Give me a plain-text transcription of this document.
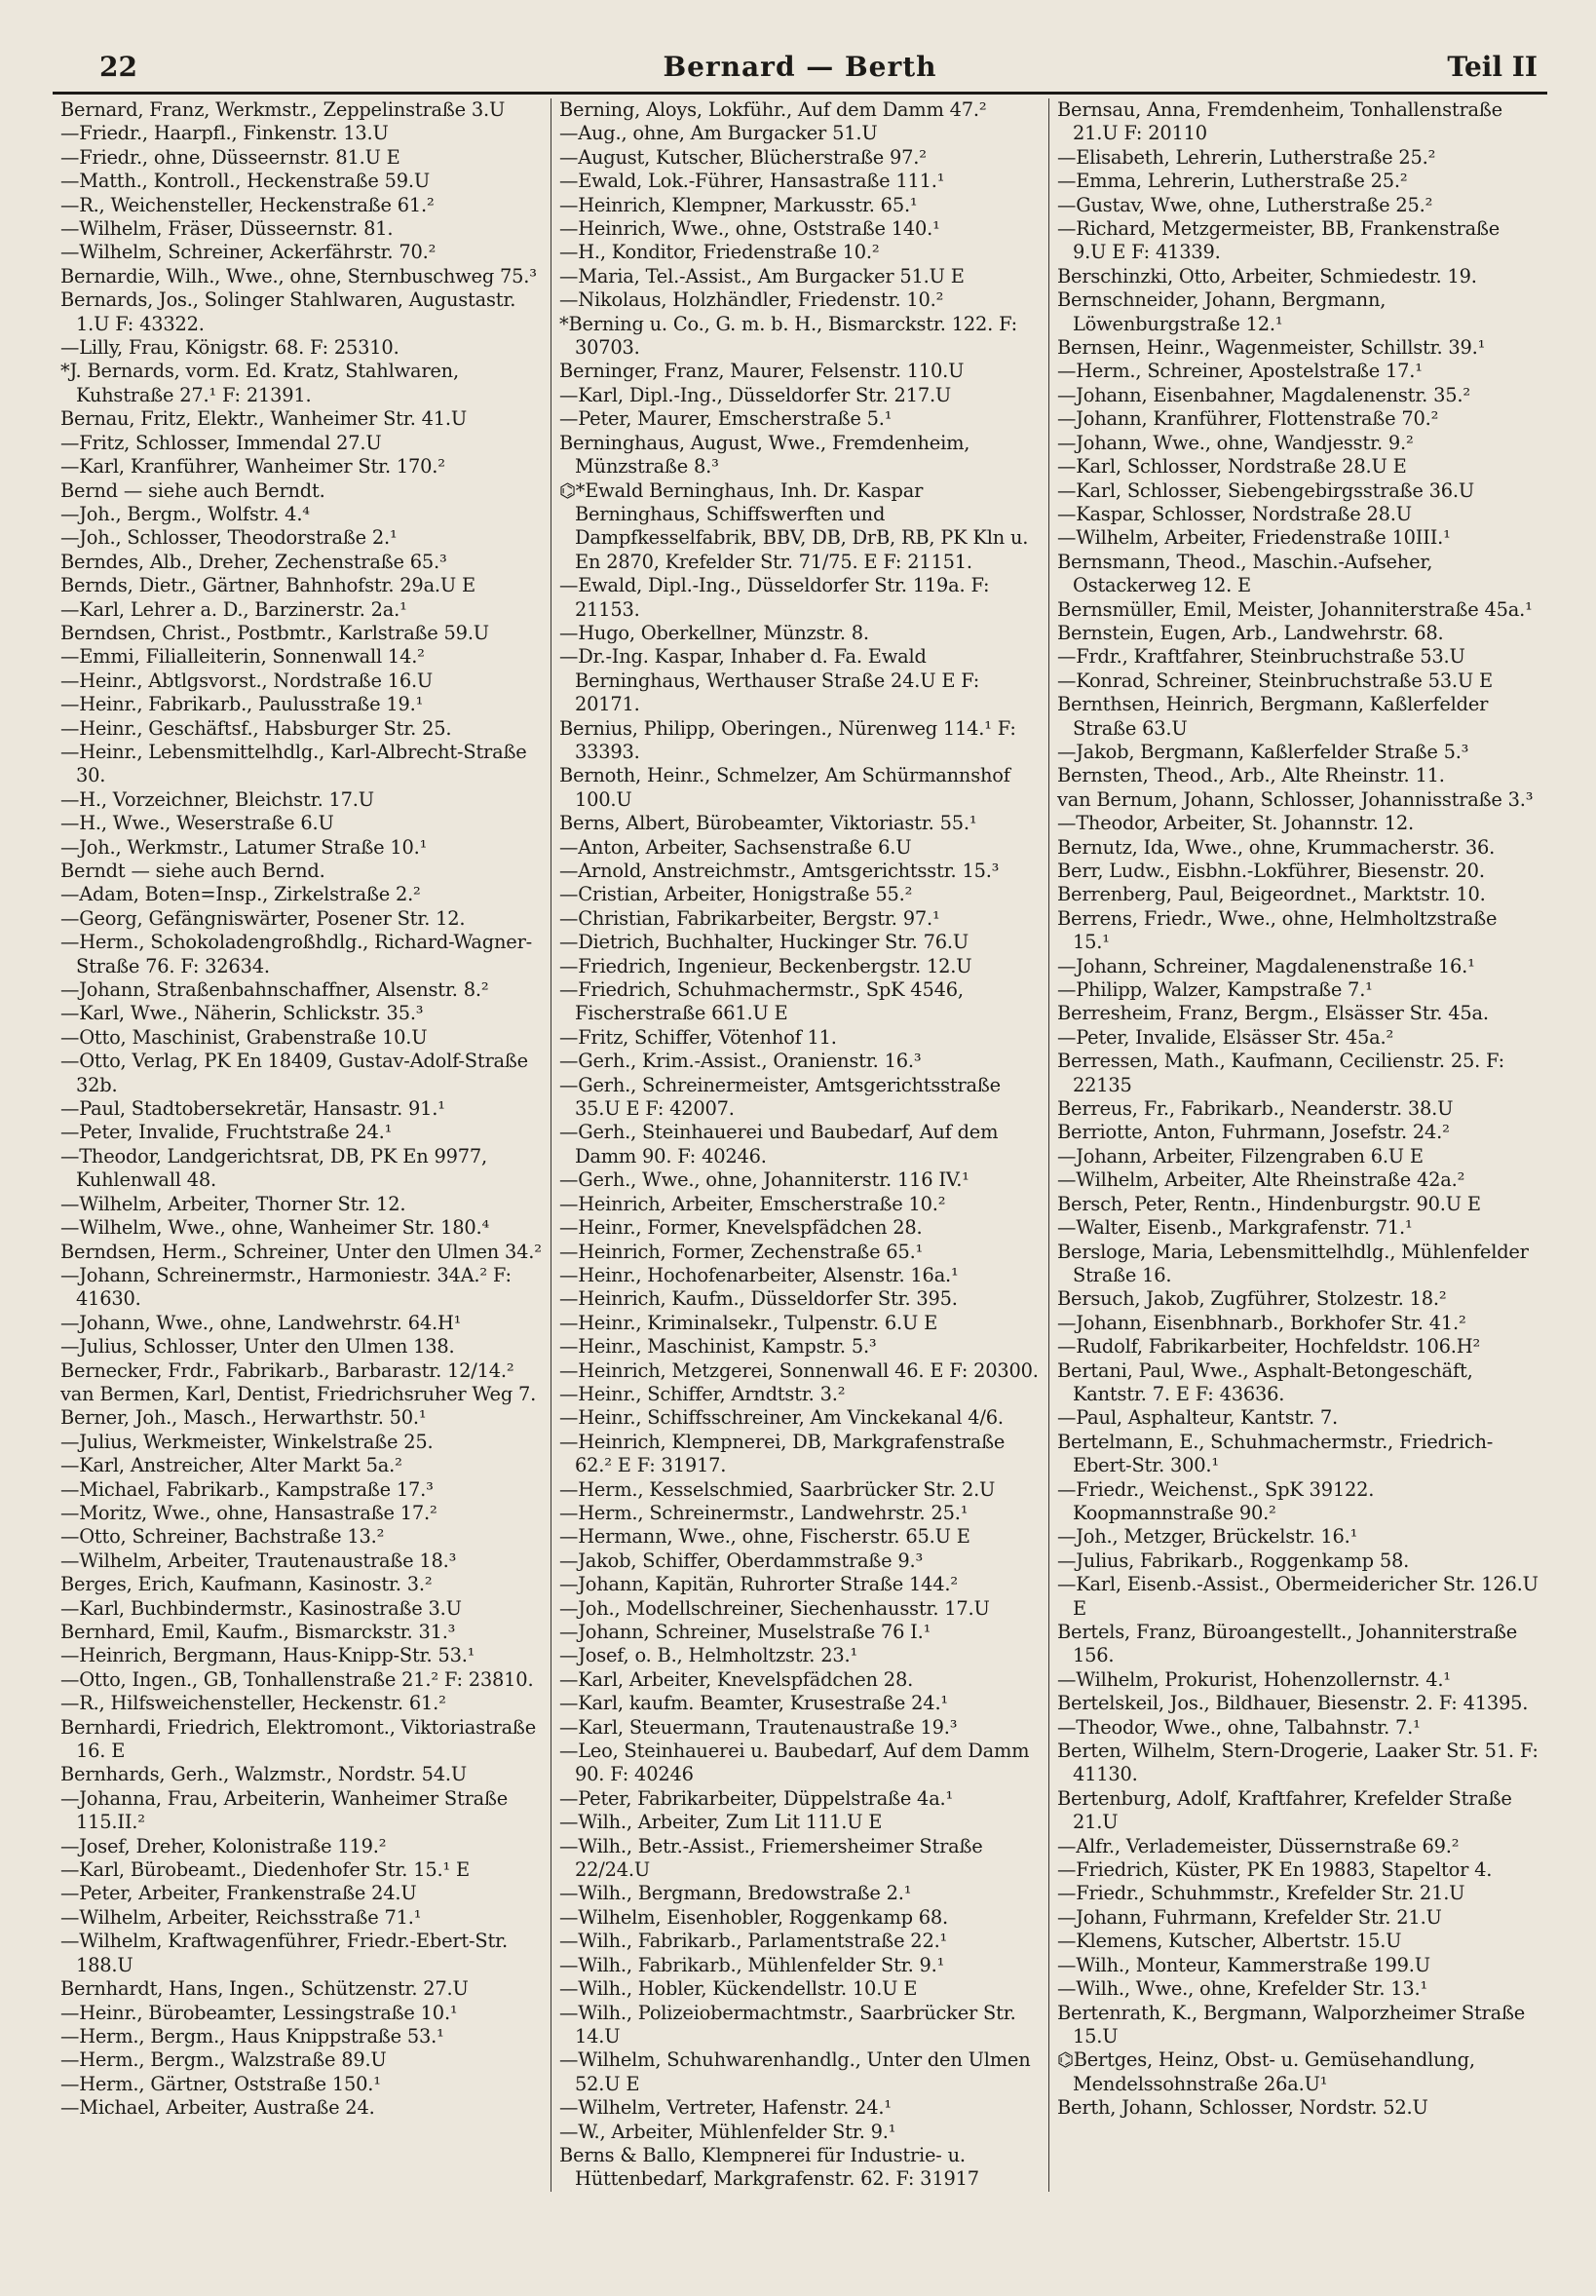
22	Bernard — Berth	Teil II

Bernard, Franz, Werkmstr., Zeppelinstraße 3.U

—Friedr., Haarpfl., Finkenstr. 13.U

—Friedr., ohne, Düsseernstr. 81.U E

—Matth., Kontroll., Heckenstraße 59.U

—R., Weichensteller, Heckenstraße 61.²

—Wilhelm, Fräser, Düsseernstr. 81.

—Wilhelm, Schreiner, Ackerfährstr. 70.²

Bernardie, Wilh., Wwe., ohne, Sternbuschweg 75.³

Bernards, Jos., Solinger Stahlwaren, Augustastr. 1.U F: 43322.

—Lilly, Frau, Königstr. 68. F: 25310.

*J. Bernards, vorm. Ed. Kratz, Stahlwaren, Kuhstraße 27.¹ F: 21391.

Bernau, Fritz, Elektr., Wanheimer Str. 41.U

—Fritz, Schlosser, Immendal 27.U

—Karl, Kranführer, Wanheimer Str. 170.²

Bernd — siehe auch Berndt.

—Joh., Bergm., Wolfstr. 4.⁴

—Joh., Schlosser, Theodorstraße 2.¹

Berndes, Alb., Dreher, Zechenstraße 65.³

Bernds, Dietr., Gärtner, Bahnhofstr. 29a.U E

—Karl, Lehrer a. D., Barzinerstr. 2a.¹

Berndsen, Christ., Postbmtr., Karlstraße 59.U

—Emmi, Filialleiterin, Sonnenwall 14.²

—Heinr., Abtlgsvorst., Nordstraße 16.U

—Heinr., Fabrikarb., Paulusstraße 19.¹

—Heinr., Geschäftsf., Habsburger Str. 25.

—Heinr., Lebensmittelhdlg., Karl-Albrecht-Straße 30.

—H., Vorzeichner, Bleichstr. 17.U

—H., Wwe., Weserstraße 6.U

—Joh., Werkmstr., Latumer Straße 10.¹

Berndt — siehe auch Bernd.

—Adam, Boten=Insp., Zirkelstraße 2.²

—Georg, Gefängniswärter, Posener Str. 12.

—Herm., Schokoladengroßhdlg., Richard-Wagner-Straße 76. F: 32634.

—Johann, Straßenbahnschaffner, Alsenstr. 8.²

—Karl, Wwe., Näherin, Schlickstr. 35.³

—Otto, Maschinist, Grabenstraße 10.U

—Otto, Verlag, PK En 18409, Gustav-Adolf-Straße 32b.

—Paul, Stadtobersekretär, Hansastr. 91.¹

—Peter, Invalide, Fruchtstraße 24.¹

—Theodor, Landgerichtsrat, DB, PK En 9977, Kuhlenwall 48.

—Wilhelm, Arbeiter, Thorner Str. 12.

—Wilhelm, Wwe., ohne, Wanheimer Str. 180.⁴

Berndsen, Herm., Schreiner, Unter den Ulmen 34.²

—Johann, Schreinermstr., Harmoniestr. 34A.² F: 41630.

—Johann, Wwe., ohne, Landwehrstr. 64.H¹

—Julius, Schlosser, Unter den Ulmen 138.

Bernecker, Frdr., Fabrikarb., Barbarastr. 12/14.²

van Bermen, Karl, Dentist, Friedrichsruher Weg 7.

Berner, Joh., Masch., Herwarthstr. 50.¹

—Julius, Werkmeister, Winkelstraße 25.

—Karl, Anstreicher, Alter Markt 5a.²

—Michael, Fabrikarb., Kampstraße 17.³

—Moritz, Wwe., ohne, Hansastraße 17.²

—Otto, Schreiner, Bachstraße 13.²

—Wilhelm, Arbeiter, Trautenaustraße 18.³

Berges, Erich, Kaufmann, Kasinostr. 3.²

—Karl, Buchbindermstr., Kasinostraße 3.U

Bernhard, Emil, Kaufm., Bismarckstr. 31.³

—Heinrich, Bergmann, Haus-Knipp-Str. 53.¹

—Otto, Ingen., GB, Tonhallenstraße 21.² F: 23810.

—R., Hilfsweichensteller, Heckenstr. 61.²

Bernhardi, Friedrich, Elektromont., Viktoriastraße 16. E

Bernhards, Gerh., Walzmstr., Nordstr. 54.U

—Johanna, Frau, Arbeiterin, Wanheimer Straße 115.II.²

—Josef, Dreher, Kolonistraße 119.²

—Karl, Bürobeamt., Diedenhofer Str. 15.¹ E

—Peter, Arbeiter, Frankenstraße 24.U

—Wilhelm, Arbeiter, Reichsstraße 71.¹

—Wilhelm, Kraftwagenführer, Friedr.-Ebert-Str. 188.U

Bernhardt, Hans, Ingen., Schützenstr. 27.U

—Heinr., Bürobeamter, Lessingstraße 10.¹

—Herm., Bergm., Haus Knippstraße 53.¹

—Herm., Bergm., Walzstraße 89.U

—Herm., Gärtner, Oststraße 150.¹

—Michael, Arbeiter, Austraße 24.

Berning, Aloys, Lokführ., Auf dem Damm 47.²

—Aug., ohne, Am Burgacker 51.U

—August, Kutscher, Blücherstraße 97.²

—Ewald, Lok.-Führer, Hansastraße 111.¹

—Heinrich, Klempner, Markusstr. 65.¹

—Heinrich, Wwe., ohne, Oststraße 140.¹

—H., Konditor, Friedenstraße 10.²

—Maria, Tel.-Assist., Am Burgacker 51.U E

—Nikolaus, Holzhändler, Friedenstr. 10.²

*Berning u. Co., G. m. b. H., Bismarckstr. 122. F: 30703.

Berninger, Franz, Maurer, Felsenstr. 110.U

—Karl, Dipl.-Ing., Düsseldorfer Str. 217.U

—Peter, Maurer, Emscherstraße 5.¹

Berninghaus, August, Wwe., Fremdenheim, Münzstraße 8.³

⌬*Ewald Berninghaus, Inh. Dr. Kaspar Berninghaus, Schiffswerften und Dampfkesselfabrik, BBV, DB, DrB, RB, PK Kln u. En 2870, Krefelder Str. 71/75. E F: 21151.

—Ewald, Dipl.-Ing., Düsseldorfer Str. 119a. F: 21153.

—Hugo, Oberkellner, Münzstr. 8.

—Dr.-Ing. Kaspar, Inhaber d. Fa. Ewald Berninghaus, Werthauser Straße 24.U E F: 20171.

Bernius, Philipp, Oberingen., Nürenweg 114.¹ F: 33393.

Bernoth, Heinr., Schmelzer, Am Schürmannshof 100.U

Berns, Albert, Bürobeamter, Viktoriastr. 55.¹

—Anton, Arbeiter, Sachsenstraße 6.U

—Arnold, Anstreichmstr., Amtsgerichtsstr. 15.³

—Cristian, Arbeiter, Honigstraße 55.²

—Christian, Fabrikarbeiter, Bergstr. 97.¹

—Dietrich, Buchhalter, Huckinger Str. 76.U

—Friedrich, Ingenieur, Beckenbergstr. 12.U

—Friedrich, Schuhmachermstr., SpK 4546, Fischerstraße 661.U E

—Fritz, Schiffer, Vötenhof 11.

—Gerh., Krim.-Assist., Oranienstr. 16.³

—Gerh., Schreinermeister, Amtsgerichtsstraße 35.U E F: 42007.

—Gerh., Steinhauerei und Baubedarf, Auf dem Damm 90. F: 40246.

—Gerh., Wwe., ohne, Johanniterstr. 116 IV.¹

—Heinrich, Arbeiter, Emscherstraße 10.²

—Heinr., Former, Knevelspfädchen 28.

—Heinrich, Former, Zechenstraße 65.¹

—Heinr., Hochofenarbeiter, Alsenstr. 16a.¹

—Heinrich, Kaufm., Düsseldorfer Str. 395.

—Heinr., Kriminalsekr., Tulpenstr. 6.U E

—Heinr., Maschinist, Kampstr. 5.³

—Heinrich, Metzgerei, Sonnenwall 46. E F: 20300.

—Heinr., Schiffer, Arndtstr. 3.²

—Heinr., Schiffsschreiner, Am Vinckekanal 4/6.

—Heinrich, Klempnerei, DB, Markgrafenstraße 62.² E F: 31917.

—Herm., Kesselschmied, Saarbrücker Str. 2.U

—Herm., Schreinermstr., Landwehrstr. 25.¹

—Hermann, Wwe., ohne, Fischerstr. 65.U E

—Jakob, Schiffer, Oberdammstraße 9.³

—Johann, Kapitän, Ruhrorter Straße 144.²

—Joh., Modellschreiner, Siechenhausstr. 17.U

—Johann, Schreiner, Muselstraße 76 I.¹

—Josef, o. B., Helmholtzstr. 23.¹

—Karl, Arbeiter, Knevelspfädchen 28.

—Karl, kaufm. Beamter, Krusestraße 24.¹

—Karl, Steuermann, Trautenaustraße 19.³

—Leo, Steinhauerei u. Baubedarf, Auf dem Damm 90. F: 40246

—Peter, Fabrikarbeiter, Düppelstraße 4a.¹

—Wilh., Arbeiter, Zum Lit 111.U E

—Wilh., Betr.-Assist., Friemersheimer Straße 22/24.U

—Wilh., Bergmann, Bredowstraße 2.¹

—Wilhelm, Eisenhobler, Roggenkamp 68.

—Wilh., Fabrikarb., Parlamentstraße 22.¹

—Wilh., Fabrikarb., Mühlenfelder Str. 9.¹

—Wilh., Hobler, Kückendellstr. 10.U E

—Wilh., Polizeiobermachtmstr., Saarbrücker Str. 14.U

—Wilhelm, Schuhwarenhandlg., Unter den Ulmen 52.U E

—Wilhelm, Vertreter, Hafenstr. 24.¹

—W., Arbeiter, Mühlenfelder Str. 9.¹

Berns & Ballo, Klempnerei für Industrie- u. Hüttenbedarf, Markgrafenstr. 62. F: 31917

Bernsau, Anna, Fremdenheim, Tonhallenstraße 21.U F: 20110

—Elisabeth, Lehrerin, Lutherstraße 25.²

—Emma, Lehrerin, Lutherstraße 25.²

—Gustav, Wwe, ohne, Lutherstraße 25.²

—Richard, Metzgermeister, BB, Frankenstraße 9.U E F: 41339.

Berschinzki, Otto, Arbeiter, Schmiedestr. 19.

Bernschneider, Johann, Bergmann, Löwenburgstraße 12.¹

Bernsen, Heinr., Wagenmeister, Schillstr. 39.¹

—Herm., Schreiner, Apostelstraße 17.¹

—Johann, Eisenbahner, Magdalenenstr. 35.²

—Johann, Kranführer, Flottenstraße 70.²

—Johann, Wwe., ohne, Wandjesstr. 9.²

—Karl, Schlosser, Nordstraße 28.U E

—Karl, Schlosser, Siebengebirgsstraße 36.U

—Kaspar, Schlosser, Nordstraße 28.U

—Wilhelm, Arbeiter, Friedenstraße 10III.¹

Bernsmann, Theod., Maschin.-Aufseher, Ostackerweg 12. E

Bernsmüller, Emil, Meister, Johanniterstraße 45a.¹

Bernstein, Eugen, Arb., Landwehrstr. 68.

—Frdr., Kraftfahrer, Steinbruchstraße 53.U

—Konrad, Schreiner, Steinbruchstraße 53.U E

Bernthsen, Heinrich, Bergmann, Kaßlerfelder Straße 63.U

—Jakob, Bergmann, Kaßlerfelder Straße 5.³

Bernsten, Theod., Arb., Alte Rheinstr. 11.

van Bernum, Johann, Schlosser, Johannisstraße 3.³

—Theodor, Arbeiter, St. Johannstr. 12.

Bernutz, Ida, Wwe., ohne, Krummacherstr. 36.

Berr, Ludw., Eisbhn.-Lokführer, Biesenstr. 20.

Berrenberg, Paul, Beigeordnet., Marktstr. 10.

Berrens, Friedr., Wwe., ohne, Helmholtzstraße 15.¹

—Johann, Schreiner, Magdalenenstraße 16.¹

—Philipp, Walzer, Kampstraße 7.¹

Berresheim, Franz, Bergm., Elsässer Str. 45a.

—Peter, Invalide, Elsässer Str. 45a.²

Berressen, Math., Kaufmann, Cecilienstr. 25. F: 22135

Berreus, Fr., Fabrikarb., Neanderstr. 38.U

Berriotte, Anton, Fuhrmann, Josefstr. 24.²

—Johann, Arbeiter, Filzengraben 6.U E

—Wilhelm, Arbeiter, Alte Rheinstraße 42a.²

Bersch, Peter, Rentn., Hindenburgstr. 90.U E

—Walter, Eisenb., Markgrafenstr. 71.¹

Bersloge, Maria, Lebensmittelhdlg., Mühlenfelder Straße 16.

Bersuch, Jakob, Zugführer, Stolzestr. 18.²

—Johann, Eisenbhnarb., Borkhofer Str. 41.²

—Rudolf, Fabrikarbeiter, Hochfeldstr. 106.H²

Bertani, Paul, Wwe., Asphalt-Betongeschäft, Kantstr. 7. E F: 43636.

—Paul, Asphalteur, Kantstr. 7.

Bertelmann, E., Schuhmachermstr., Friedrich-Ebert-Str. 300.¹

—Friedr., Weichenst., SpK 39122. Koopmannstraße 90.²

—Joh., Metzger, Brückelstr. 16.¹

—Julius, Fabrikarb., Roggenkamp 58.

—Karl, Eisenb.-Assist., Obermeidericher Str. 126.U E

Bertels, Franz, Büroangestellt., Johanniterstraße 156.

—Wilhelm, Prokurist, Hohenzollernstr. 4.¹

Bertelskeil, Jos., Bildhauer, Biesenstr. 2. F: 41395.

—Theodor, Wwe., ohne, Talbahnstr. 7.¹

Berten, Wilhelm, Stern-Drogerie, Laaker Str. 51. F: 41130.

Bertenburg, Adolf, Kraftfahrer, Krefelder Straße 21.U

—Alfr., Verlademeister, Düssernstraße 69.²

—Friedrich, Küster, PK En 19883, Stapeltor 4.

—Friedr., Schuhmmstr., Krefelder Str. 21.U

—Johann, Fuhrmann, Krefelder Str. 21.U

—Klemens, Kutscher, Albertstr. 15.U

—Wilh., Monteur, Kammerstraße 199.U

—Wilh., Wwe., ohne, Krefelder Str. 13.¹

Bertenrath, K., Bergmann, Walporzheimer Straße 15.U

⌬Bertges, Heinz, Obst- u. Gemüsehandlung, Mendelssohnstraße 26a.U¹

Berth, Johann, Schlosser, Nordstr. 52.U
